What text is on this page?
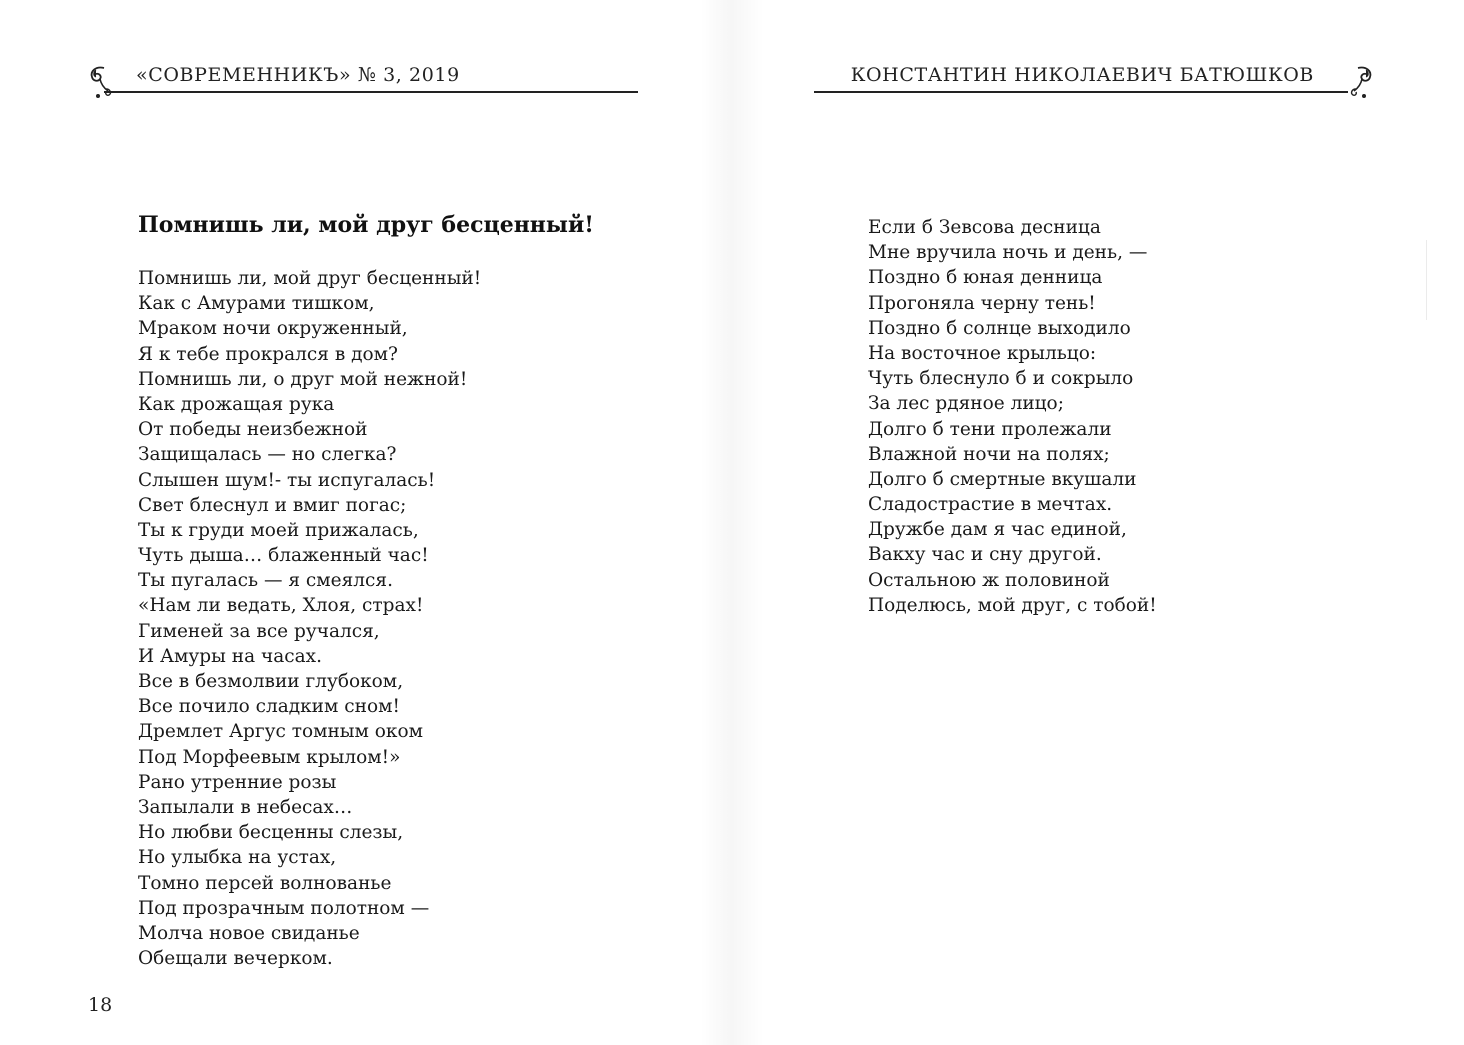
«СОВРЕМЕННИКЪ» № 3, 2019
Помнишь ли, мой друг бесценный!
Помнишь ли, мой друг бесценный!
Как с Амурами тишком,
Мраком ночи окруженный,
Я к тебе прокрался в дом?
Помнишь ли, о друг мой нежной!
Как дрожащая рука
От победы неизбежной
Защищалась — но слегка?
Слышен шум!- ты испугалась!
Свет блеснул и вмиг погас;
Ты к груди моей прижалась,
Чуть дыша… блаженный час!
Ты пугалась — я смеялся.
«Нам ли ведать, Хлоя, страх!
Гименей за все ручался,
И Амуры на часах.
Все в безмолвии глубоком,
Все почило сладким сном!
Дремлет Аргус томным оком
Под Морфеевым крылом!»
Рано утренние розы
Запылали в небесах…
Но любви бесценны слезы,
Но улыбка на устах,
Томно персей волнованье
Под прозрачным полотном —
Молча новое свиданье
Обещали вечерком.
18
КОНСТАНТИН НИКОЛАЕВИЧ БАТЮШКОВ
Если б Зевсова десница
Мне вручила ночь и день, —
Поздно б юная денница
Прогоняла черну тень!
Поздно б солнце выходило
На восточное крыльцо:
Чуть блеснуло б и сокрыло
За лес рдяное лицо;
Долго б тени пролежали
Влажной ночи на полях;
Долго б смертные вкушали
Сладострастие в мечтах.
Дружбе дам я час единой,
Вакху час и сну другой.
Остальною ж половиной
Поделюсь, мой друг, с тобой!
